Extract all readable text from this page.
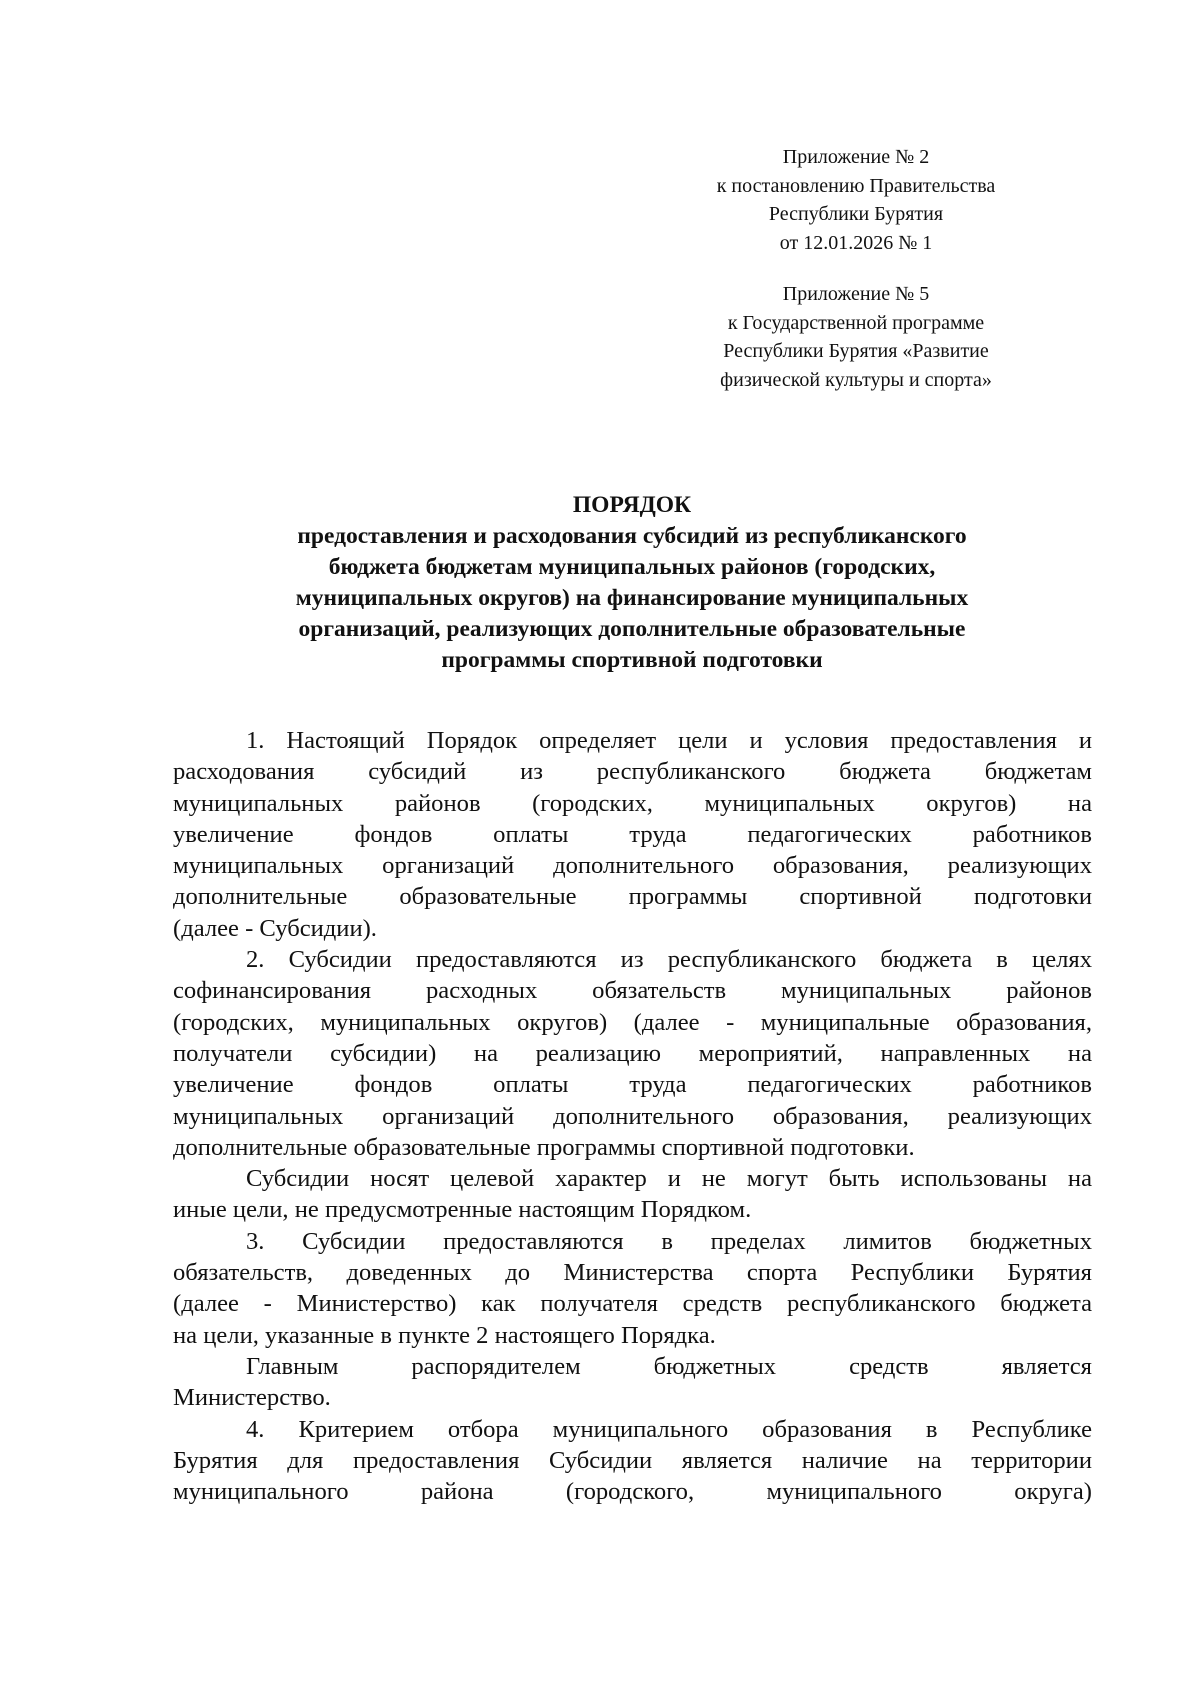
Приложение № 2
к постановлению Правительства
Республики Бурятия
от 12.01.2026 № 1
Приложение № 5
к Государственной программе
Республики Бурятия «Развитие
физической культуры и спорта»
ПОРЯДОК
предоставления и расходования субсидий из республиканского
бюджета бюджетам муниципальных районов (городских,
муниципальных округов) на финансирование муниципальных
организаций, реализующих дополнительные образовательные
программы спортивной подготовки
1. Настоящий Порядок определяет цели и условия предоставления и
расходования субсидий из республиканского бюджета бюджетам
муниципальных районов (городских, муниципальных округов) на
увеличение фондов оплаты труда педагогических работников
муниципальных организаций дополнительного образования, реализующих
дополнительные образовательные программы спортивной подготовки
(далее - Субсидии).
2. Субсидии предоставляются из республиканского бюджета в целях
софинансирования расходных обязательств муниципальных районов
(городских, муниципальных округов) (далее - муниципальные образования,
получатели субсидии) на реализацию мероприятий, направленных на
увеличение фондов оплаты труда педагогических работников
муниципальных организаций дополнительного образования, реализующих
дополнительные образовательные программы спортивной подготовки.
Субсидии носят целевой характер и не могут быть использованы на
иные цели, не предусмотренные настоящим Порядком.
3. Субсидии предоставляются в пределах лимитов бюджетных
обязательств, доведенных до Министерства спорта Республики Бурятия
(далее - Министерство) как получателя средств республиканского бюджета
на цели, указанные в пункте 2 настоящего Порядка.
Главным распорядителем бюджетных средств является
Министерство.
4. Критерием отбора муниципального образования в Республике
Бурятия для предоставления Субсидии является наличие на территории
муниципального района (городского, муниципального округа)
